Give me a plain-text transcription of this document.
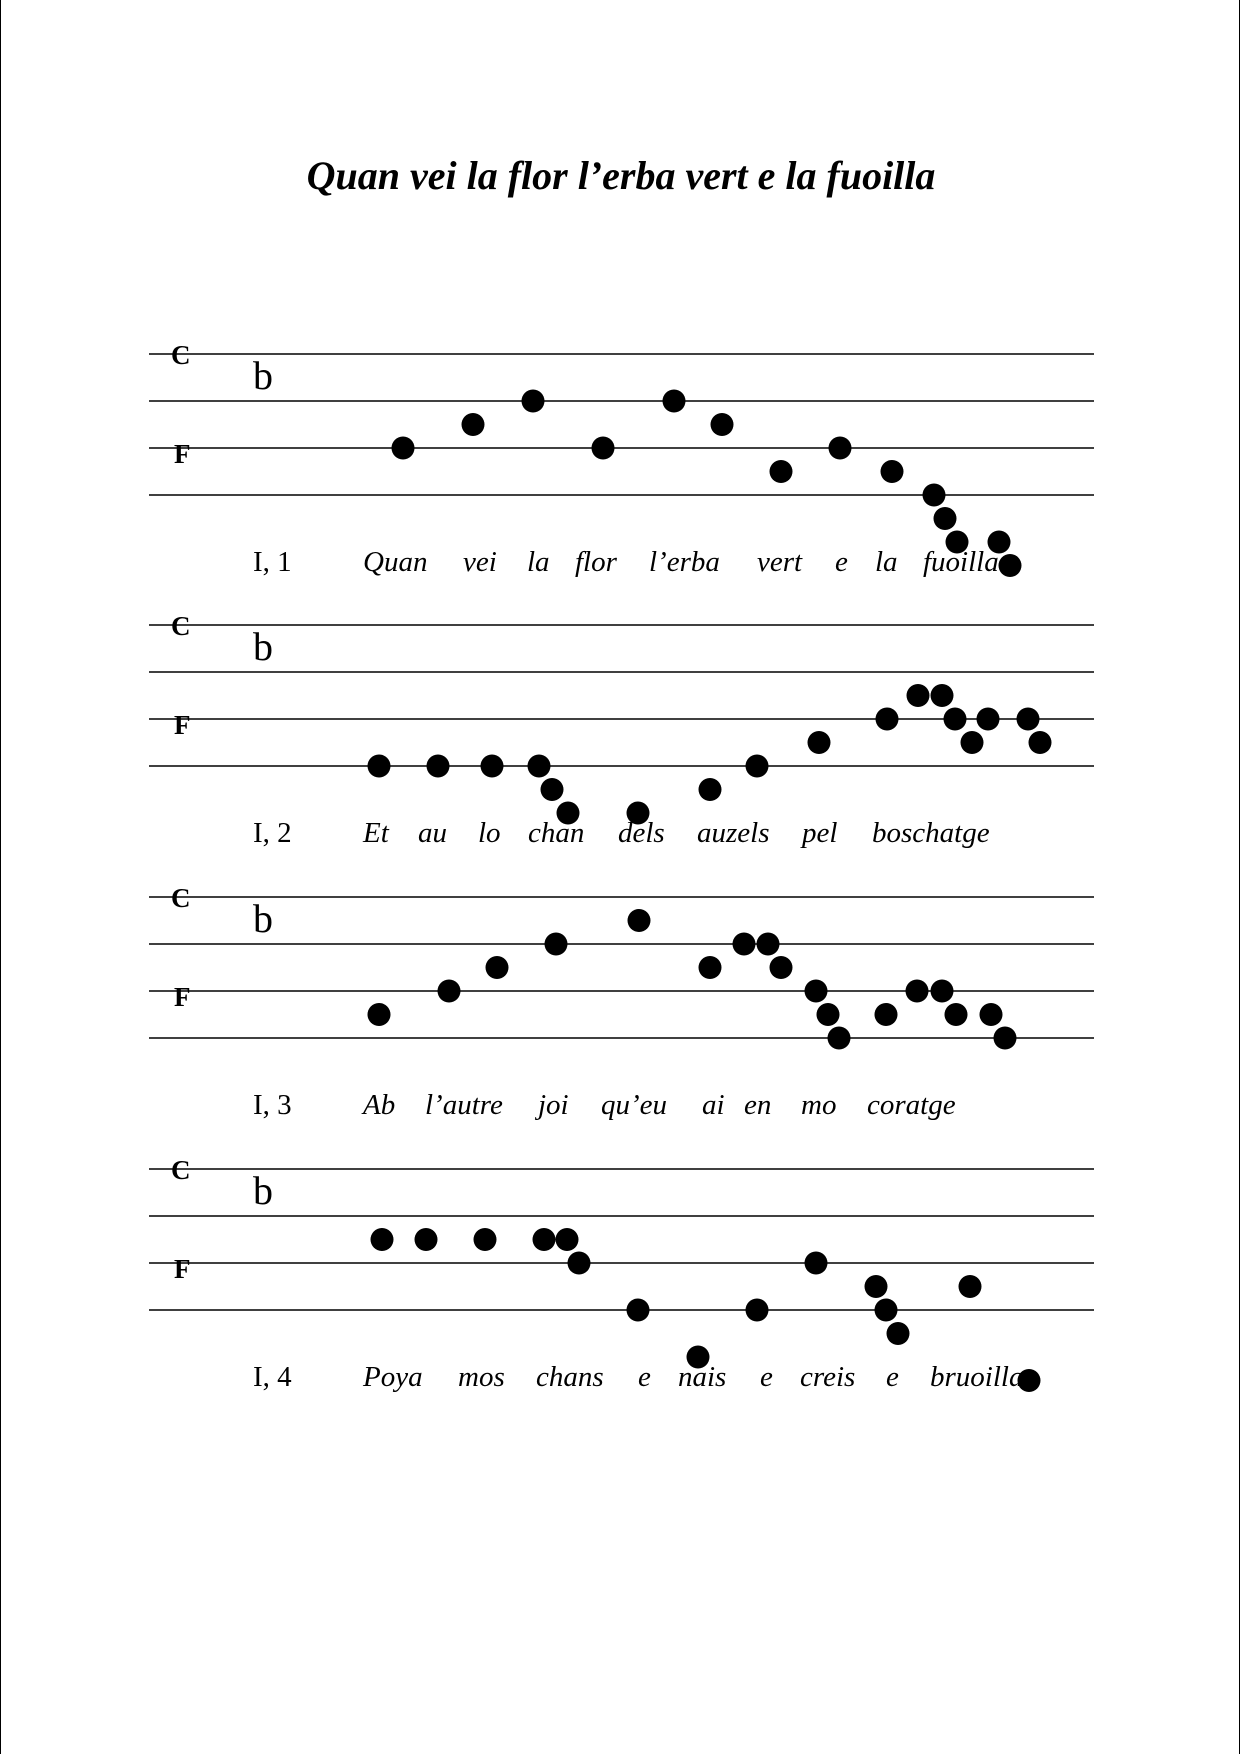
Quan vei la flor l’erba vert e la fuoilla
C
F
b
I, 1 Quan vei la flor l’erba vert e la fuoilla
C
F
b
I, 2 Et au lo chan dels auzels pel boschatge
C
F
b
I, 3 Ab l’autre joi qu’eu ai en mo coratge
C
F
b
I, 4 Poya mos chans e nais e creis e bruoilla
